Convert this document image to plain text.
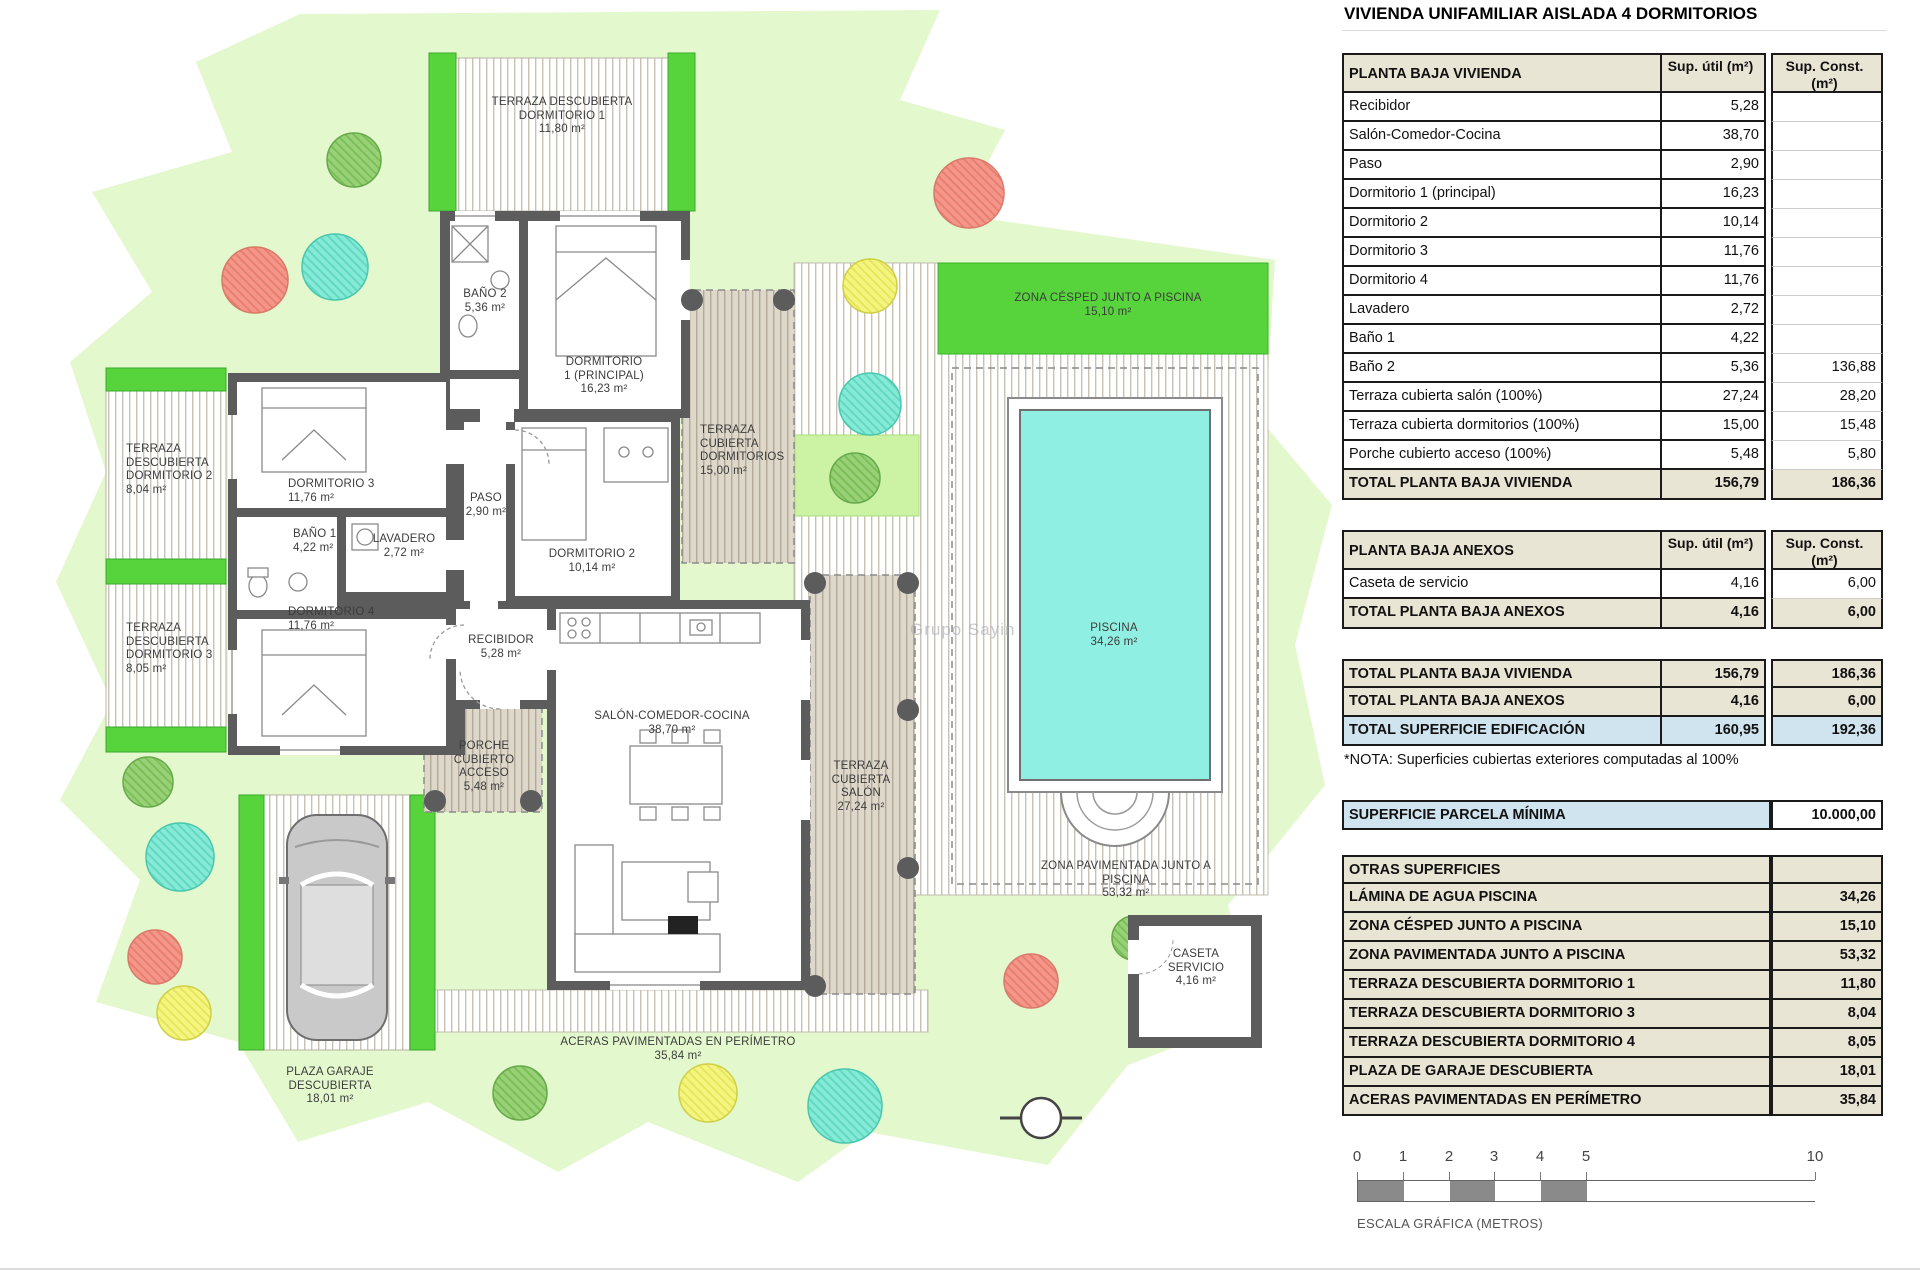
TERRAZA DESCUBIERTA
DORMITORIO 1
11,80 m²
BAÑO 2
5,36 m²
DORMITORIO
1 (PRINCIPAL)
16,23 m²
TERRAZA
CUBIERTA
DORMITORIOS
15,00 m²
ZONA CÉSPED JUNTO A PISCINA
15,10 m²
TERRAZA
DESCUBIERTA
DORMITORIO 2
8,04 m²	DORMITORIO 3
11,76 m²	PASO
2,90 m²
BAÑO 1
4,22 m²
LAVADERO
2,72 m²	DORMITORIO 2
10,14 m²
DORMITORIO 4
11,76 m²
TERRAZA
DESCUBIERTA
DORMITORIO 3
8,05 m²
RECIBIDOR
5,28 m²
SALÓN-COMEDOR-COCINA
38,70 m²
PORCHE
CUBIERTO
ACCESO
5,48 m²
TERRAZA
CUBIERTA
SALÓN
27,24 m²
PISCINA
34,26 m²
ZONA PAVIMENTADA JUNTO A PISCINA
53,32 m²
CASETA
SERVICIO
4,16 m²
ACERAS PAVIMENTADAS EN PERÍMETRO
35,84 m²
PLAZA GARAJE
DESCUBIERTA
18,01 m²
Grupo Sayin
VIVIENDA UNIFAMILIAR AISLADA 4 DORMITORIOS
PLANTA BAJA VIVIENDA	Sup. útil (m²)	Sup. Const. (m²)
Recibidor	5,28
Salón-Comedor-Cocina	38,70
Paso	2,90
Dormitorio 1 (principal)	16,23
Dormitorio 2	10,14
Dormitorio 3	11,76
Dormitorio 4	11,76
Lavadero	2,72
Baño 1	4,22
Baño 2	5,36	136,88
Terraza cubierta salón (100%)	27,24	28,20
Terraza cubierta dormitorios (100%)	15,00	15,48
Porche cubierto acceso (100%)	5,48	5,80
TOTAL PLANTA BAJA VIVIENDA	156,79	186,36
PLANTA BAJA ANEXOS	Sup. útil (m²)	Sup. Const. (m²)
Caseta de servicio	4,16	6,00
TOTAL PLANTA BAJA ANEXOS	4,16	6,00
TOTAL PLANTA BAJA VIVIENDA	156,79	186,36
TOTAL PLANTA BAJA ANEXOS	4,16	6,00
TOTAL SUPERFICIE EDIFICACIÓN	160,95	192,36
*NOTA: Superficies cubiertas exteriores computadas al 100%
SUPERFICIE PARCELA MÍNIMA	10.000,00
OTRAS SUPERFICIES
LÁMINA DE AGUA PISCINA	34,26
ZONA CÉSPED JUNTO A PISCINA	15,10
ZONA PAVIMENTADA JUNTO A PISCINA	53,32
TERRAZA DESCUBIERTA DORMITORIO 1	11,80
TERRAZA DESCUBIERTA DORMITORIO 3	8,04
TERRAZA DESCUBIERTA DORMITORIO 4	8,05
PLAZA DE GARAJE DESCUBIERTA	18,01
ACERAS PAVIMENTADAS EN PERÍMETRO	35,84
0	1	2 3	4	5	10
ESCALA GRÁFICA (METROS)
